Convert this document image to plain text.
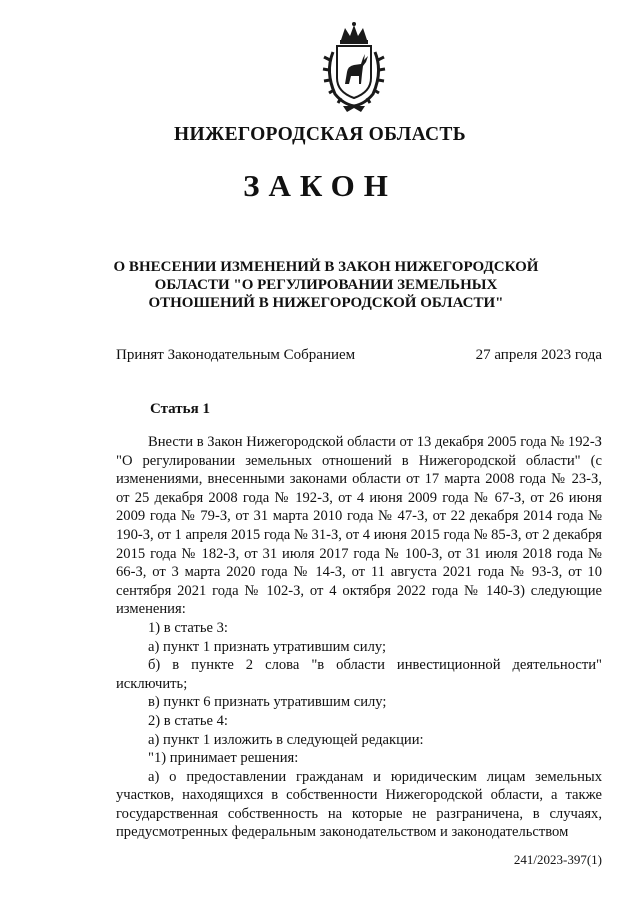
НИЖЕГОРОДСКАЯ ОБЛАСТЬ
ЗАКОН
О ВНЕСЕНИИ ИЗМЕНЕНИЙ В ЗАКОН НИЖЕГОРОДСКОЙ ОБЛАСТИ "О РЕГУЛИРОВАНИИ ЗЕМЕЛЬНЫХ ОТНОШЕНИЙ В НИЖЕГОРОДСКОЙ ОБЛАСТИ"
Принят Законодательным Собранием	27 апреля 2023 года
Статья 1

Внести в Закон Нижегородской области от 13 декабря 2005 года № 192-З "О регулировании земельных отношений в Нижегородской области" (с изменениями, внесенными законами области от 17 марта 2008 года № 23-З, от 25 декабря 2008 года № 192-З, от 4 июня 2009 года № 67-З, от 26 июня 2009 года № 79-З, от 31 марта 2010 года № 47-З, от 22 декабря 2014 года № 190-З, от 1 апреля 2015 года № 31-З, от 4 июня 2015 года № 85-З, от 2 декабря 2015 года № 182-З, от 31 июля 2017 года № 100-З, от 31 июля 2018 года № 66-З, от 3 марта 2020 года № 14-З, от 11 августа 2021 года № 93-З, от 10 сентября 2021 года № 102-З, от 4 октября 2022 года № 140-З) следующие изменения:

1) в статье 3:

а) пункт 1 признать утратившим силу;

б) в пункте 2 слова "в области инвестиционной деятельности" исключить;

в) пункт 6 признать утратившим силу;

2) в статье 4:

а) пункт 1 изложить в следующей редакции:

"1) принимает решения:

а) о предоставлении гражданам и юридическим лицам земельных участков, находящихся в собственности Нижегородской области, а также государственная собственность на которые не разграничена, в случаях, предусмотренных федеральным законодательством и законодательством

241/2023-397(1)
